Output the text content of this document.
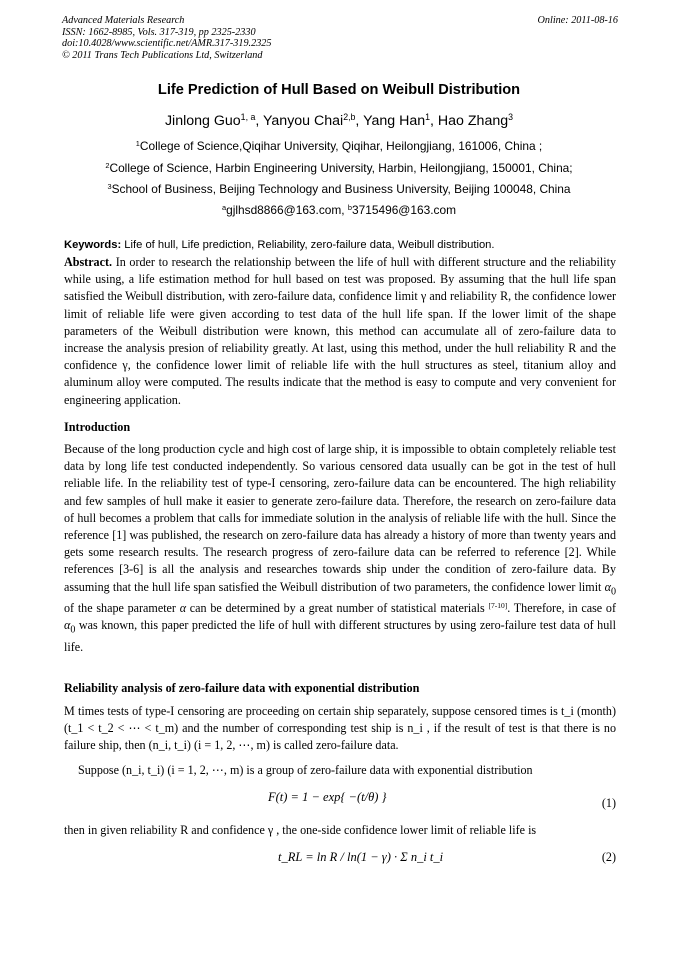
Advanced Materials Research
ISSN: 1662-8985, Vols. 317-319, pp 2325-2330
doi:10.4028/www.scientific.net/AMR.317-319.2325
© 2011 Trans Tech Publications Ltd, Switzerland
Online: 2011-08-16
Life Prediction of Hull Based on Weibull Distribution
Jinlong Guo$^{1, a}$, Yanyou Chai$^{2,b}$, Yang Han$^1$, Hao Zhang$^3$
$^1$College of Science,Qiqihar University, Qiqihar, Heilongjiang, 161006, China ;
$^2$College of Science, Harbin Engineering University, Harbin, Heilongjiang, 150001, China;
$^3$School of Business, Beijing Technology and Business University, Beijing 100048, China
$^a$gjlhsd8866@163.com, $^b$3715496@163.com
Keywords: Life of hull, Life prediction, Reliability, zero-failure data, Weibull distribution.
Abstract. In order to research the relationship between the life of hull with different structure and the reliability while using, a life estimation method for hull based on test was proposed. By assuming that the hull life span satisfied the Weibull distribution, with zero-failure data, confidence limit γ and reliability R, the confidence lower limit of reliable life were given according to test data of the hull life span. If the lower limit of the shape parameters of the Weibull distribution were known, this method can accumulate all of zero-failure data to increase the analysis presion of reliability greatly. At last, using this method, under the hull reliability R and the confidence γ, the confidence lower limit of reliable life with the hull structures as steel, titanium alloy and aluminum alloy were computed. The results indicate that the method is easy to compute and very convenient for engineering application.
Introduction
Because of the long production cycle and high cost of large ship, it is impossible to obtain completely reliable test data by long life test conducted independently. So various censored data usually can be got in the test of hull reliable life. In the reliability test of type-I censoring, zero-failure data can be encountered. The high reliability and few samples of hull make it easier to generate zero-failure data. Therefore, the research on zero-failure data of hull becomes a problem that calls for immediate solution in the analysis of reliable life with the hull. Since the reference [1] was published, the research on zero-failure data has already a history of more than twenty years and gets some research results. The research progress of zero-failure data can be referred to reference [2]. While references [3-6] is all the analysis and researches towards ship under the condition of zero-failure data. By assuming that the hull life span satisfied the Weibull distribution of two parameters, the confidence lower limit $\alpha_0$ of the shape parameter α can be determined by a great number of statistical materials [7-10]. Therefore, in case of $\alpha_0$ was known, this paper predicted the life of hull with different structures by using zero-failure test data of hull life.
Reliability analysis of zero-failure data with exponential distribution
M times tests of type-I censoring are proceeding on certain ship separately, suppose censored times is t_i (month) (t_1 < t_2 < ⋯ < t_m) and the number of corresponding test ship is n_i , if the result of test is that there is no failure ship, then (n_i, t_i) (i = 1, 2, ⋯, m) is called zero-failure data.
Suppose (n_i, t_i) (i = 1, 2, ⋯, m) is a group of zero-failure data with exponential distribution
F(t) = 1 − exp{ −(t/θ) }	(1)
then in given reliability R and confidence γ , the one-side confidence lower limit of reliable life is
t_RL = ln R / ln(1 − γ) · Σ n_i t_i	(2)
